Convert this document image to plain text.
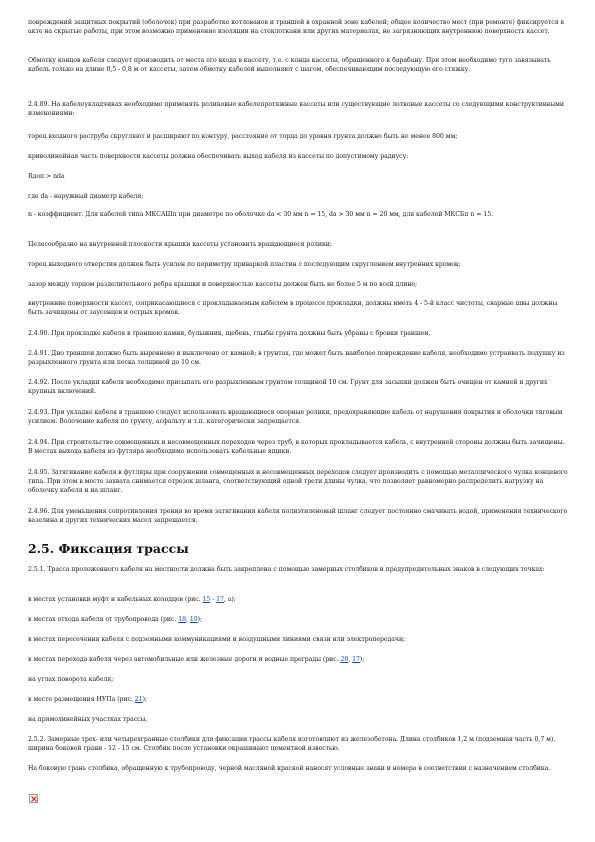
повреждений защитных покрытий (оболочек) при разработке котлованов и траншей в охранной зоне кабелей; общее количество мест (при ремонте) фиксируется в акте на скрытые работы, при этом возможно применение изоляции на стеклоткани или других материалах, не загрязняющих внутреннюю поверхность кассет.

Обмотку концов кабеля следует производить от места его входа в кассету, т.е. с конца кассеты, обращенного к барабану. При этом необходимо туго завязывать кабель только на длине 0,5 - 0,8 м от кассеты, затем обмотку кабелей выполняют с шагом, обеспечивающим последующую его стяжку.

2.4.89. На кабелеукладчиках необходимо применять роликовые кабелепротяжные кассеты или существующие лотковые кассеты со следующими конструктивными изменениями:

торец входного раструба скругляют и расширяют по контуру, расстояние от торца до уровня грунта должно быть не менее 800 мм;

криволинейная часть поверхности кассеты должна обеспечивать выход кабеля из кассеты по допустимому радиусу:

Rдоп > nda

где da - наружный диаметр кабеля;

n - коэффициент. Для кабелей типа МКСАШп при диаметре по оболочке da < 30 мм n = 15, da > 30 мм n = 20 мм, для кабелей МКСБп n = 15.

Целесообразно на внутренней плоскости крышки кассеты установить вращающиеся ролики;

торец выходного отверстия должен быть усилен по периметру приваркой пластин с последующим скруглением внутренних кромок;

зазор между торцом разделительного ребра крышки и поверхностью кассеты должен быть не более 5 м по всей длине;

внутренние поверхности кассет, соприкасающиеся с прокладываемым кабелем в процессе прокладки, должны иметь 4 - 5-й класс чистоты, сварные швы должны быть зачищены от заусенцев и острых кромок.

2.4.90. При прокладке кабеля в траншею камни, булыжник, щебень, глыбы грунта должны быть убраны с бровки траншеи.

2.4.91. Дно траншеи должно быть выровнено и выключено от камней; в грунтах, где может быть наиболее повреждение кабеля, необходимо устраивать подушку из разрыхленного грунта или песка толщиной до 10 см.

2.4.92. После укладки кабеля необходимо присыпать его разрыхленным грунтом толщиной 10 см. Грунт для засыпки должен быть очищен от камней и других крупных включений.

2.4.93. При укладке кабеля в траншею следует использовать вращающиеся опорные ролики, предохраняющие кабель от нарушения покрытия и оболочки тяговым усилием. Волочение кабеля по грунту, асфальту и т.п. категорически запрещается.

2.4.94. При строительстве совмещенных и несовмещенных переходов через труб, в которых прокладывается кабель, с внутренней стороны должны быть зачищены. В местах выхода кабеля из футляра необходимо использовать кабельные ящики.

2.4.95. Затягивание кабеля в футляры при сооружении совмещенных и несовмещенных переходов следует производить с помощью металлического чулка концевого типа. При этом в месте захвата снимается отрезок шланга, соответствующий одной трети длины чулка, что позволяет равномерно распределить нагрузку на оболочку кабеля и на шланг.

2.4.96. Для уменьшения сопротивления трения во время затягивания кабеля полиэтиленовый шланг следует постоянно смачивать водой, применения технического вазелина и других технических масел запрещается.

2.5. Фиксация трассы

2.5.1. Трасса проложенного кабеля на местности должна быть закреплена с помощью замерных столбиков и предупредительных знаков в следующих точках:

в местах установки муфт и кабельных колодцев (рис. 15 - 17, а);

в местах отхода кабеля от трубопровода (рис. 18, 19);

в местах пересечения кабеля с подземными коммуникациями и воздушными линиями связи или электропередачи;

в местах перехода кабеля через автомобильные или железные дороги и водные преграды (рис. 20, 17);

на углах поворота кабеля;

в месте размещения НУПа (рис. 21);

на прямолинейных участках трассы.

2.5.2. Замерные трех- или четырехгранные столбики для фиксации трассы кабеля изготовляют из железобетона. Длина столбиков 1,2 м (подземная часть 0,7 м), ширина боковой грани - 12 - 15 см. Столбик после установки окрашивают цементной известью.

На боковую грань столбика, обращенную к трубопроводу, черной масляной краской наносят условные знаки и номера в соответствии с назначением столбика.
